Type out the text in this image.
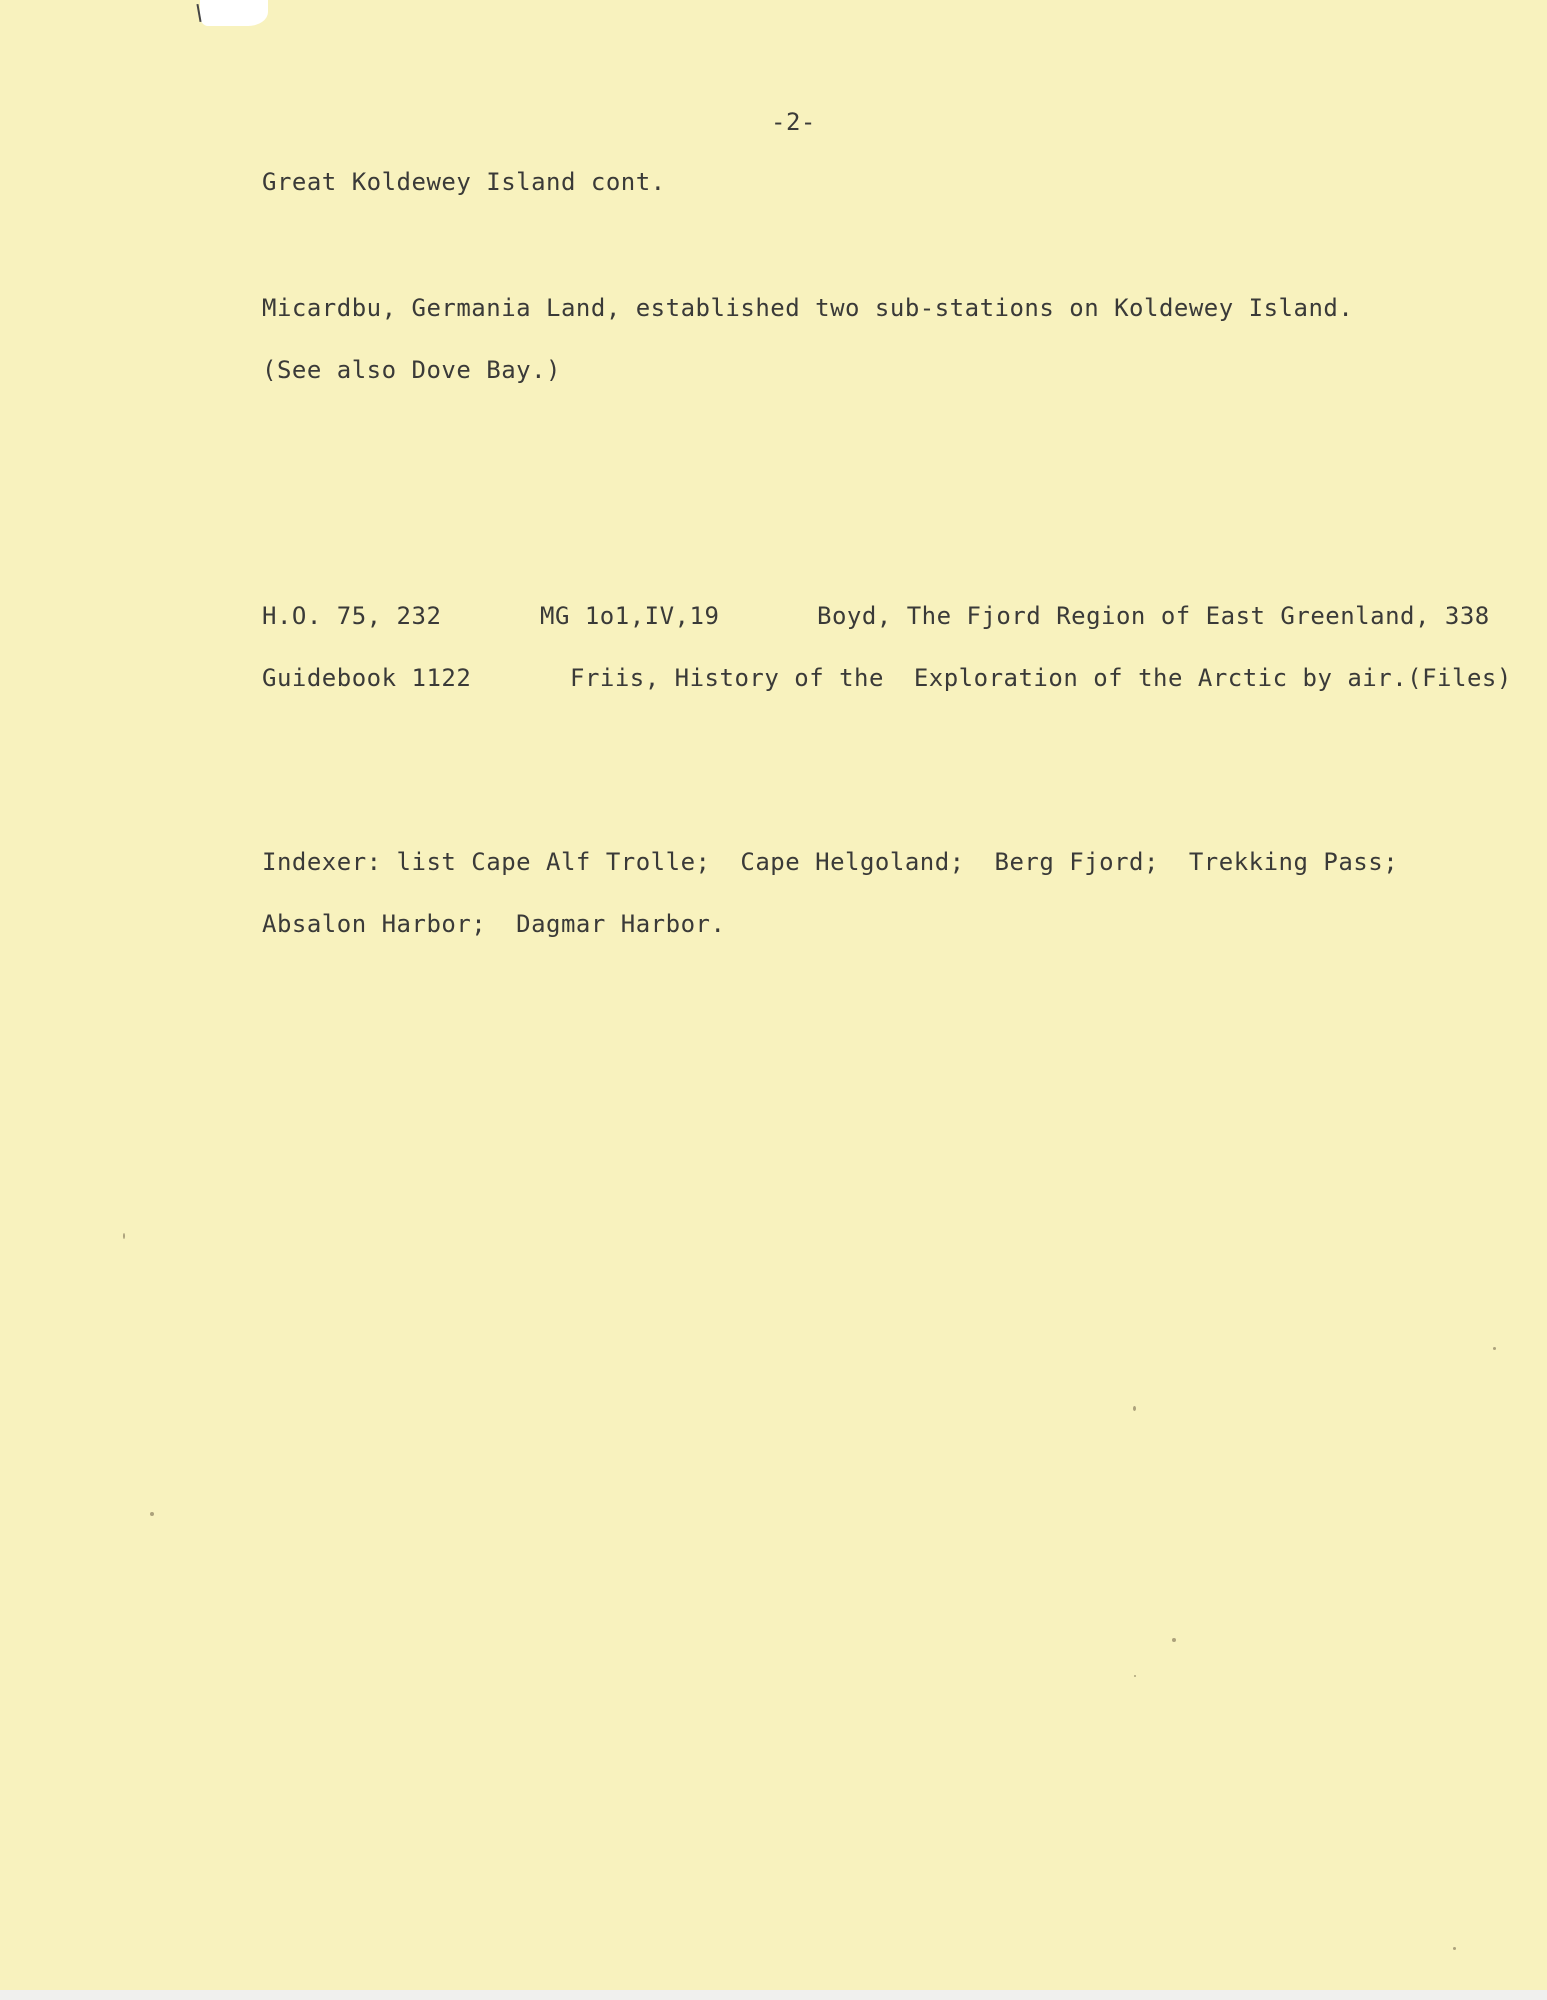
-2-
Great Koldewey Island cont.
Micardbu, Germania Land, established two sub-stations on Koldewey Island.
(See also Dove Bay.)
H.O. 75, 232	MG 1o1,IV,19	Boyd, The Fjord Region of East Greenland, 338
Guidebook 1122	Friis, History of the  Exploration of the Arctic by air.(Files)
Indexer: list Cape Alf Trolle;  Cape Helgoland;  Berg Fjord;  Trekking Pass;
Absalon Harbor;  Dagmar Harbor.
